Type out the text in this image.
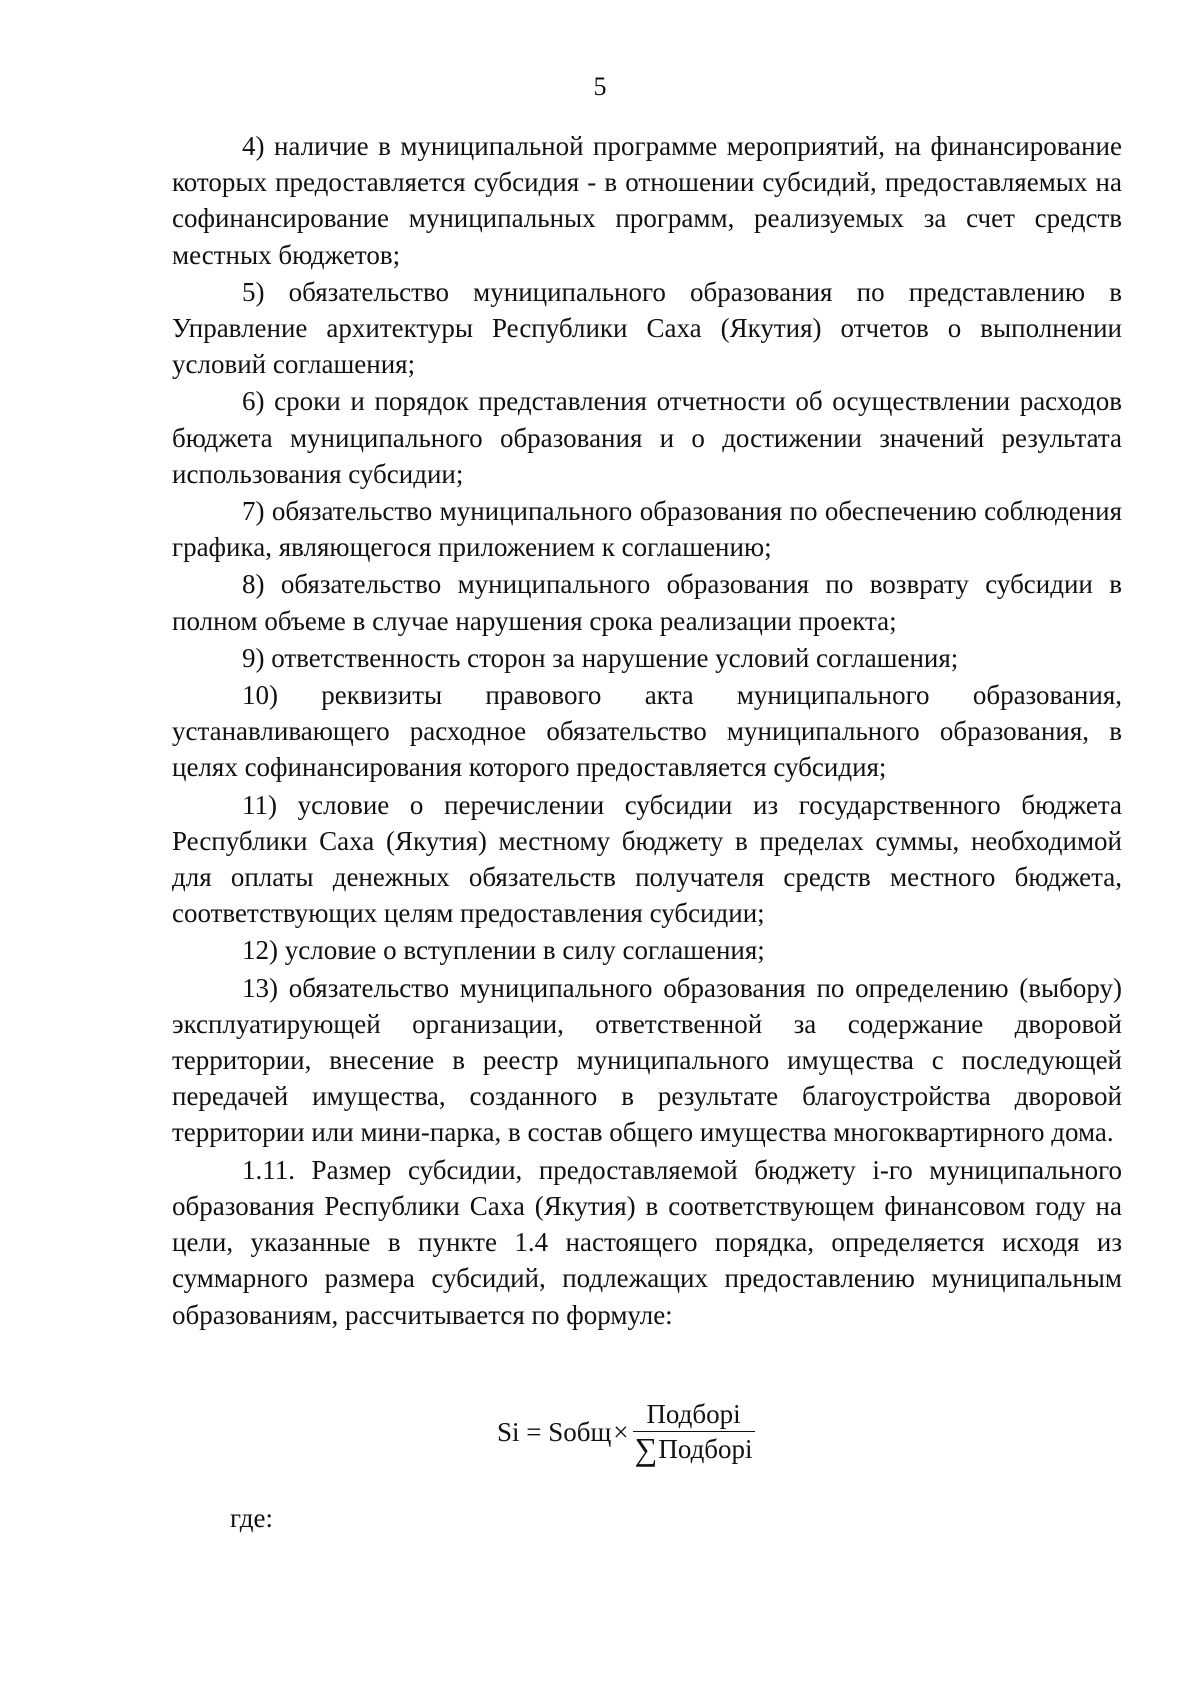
5

4) наличие в муниципальной программе мероприятий, на финансирование которых предоставляется субсидия - в отношении субсидий, предоставляемых на софинансирование муниципальных программ, реализуемых за счет средств местных бюджетов;

5) обязательство муниципального образования по представлению в Управление архитектуры Республики Саха (Якутия) отчетов о выполнении условий соглашения;

6) сроки и порядок представления отчетности об осуществлении расходов бюджета муниципального образования и о достижении значений результата использования субсидии;

7) обязательство муниципального образования по обеспечению соблюдения графика, являющегося приложением к соглашению;

8) обязательство муниципального образования по возврату субсидии в полном объеме в случае нарушения срока реализации проекта;

9) ответственность сторон за нарушение условий соглашения;

10) реквизиты правового акта муниципального образования, устанавливающего расходное обязательство муниципального образования, в целях софинансирования которого предоставляется субсидия;

11) условие о перечислении субсидии из государственного бюджета Республики Саха (Якутия) местному бюджету в пределах суммы, необходимой для оплаты денежных обязательств получателя средств местного бюджета, соответствующих целям предоставления субсидии;

12) условие о вступлении в силу соглашения;

13) обязательство муниципального образования по определению (выбору) эксплуатирующей организации, ответственной за содержание дворовой территории, внесение в реестр муниципального имущества с последующей передачей имущества, созданного в результате благоустройства дворовой территории или мини-парка, в состав общего имущества многоквартирного дома.

1.11. Размер субсидии, предоставляемой бюджету i-го муниципального образования Республики Саха (Якутия) в соответствующем финансовом году на цели, указанные в пункте 1.4 настоящего порядка, определяется исходя из суммарного размера субсидий, подлежащих предоставлению муниципальным образованиям, рассчитывается по формуле:

Si = Sобщ × $\frac{\text{Подборi}}{\text{∑ Подборi}}$
где:
